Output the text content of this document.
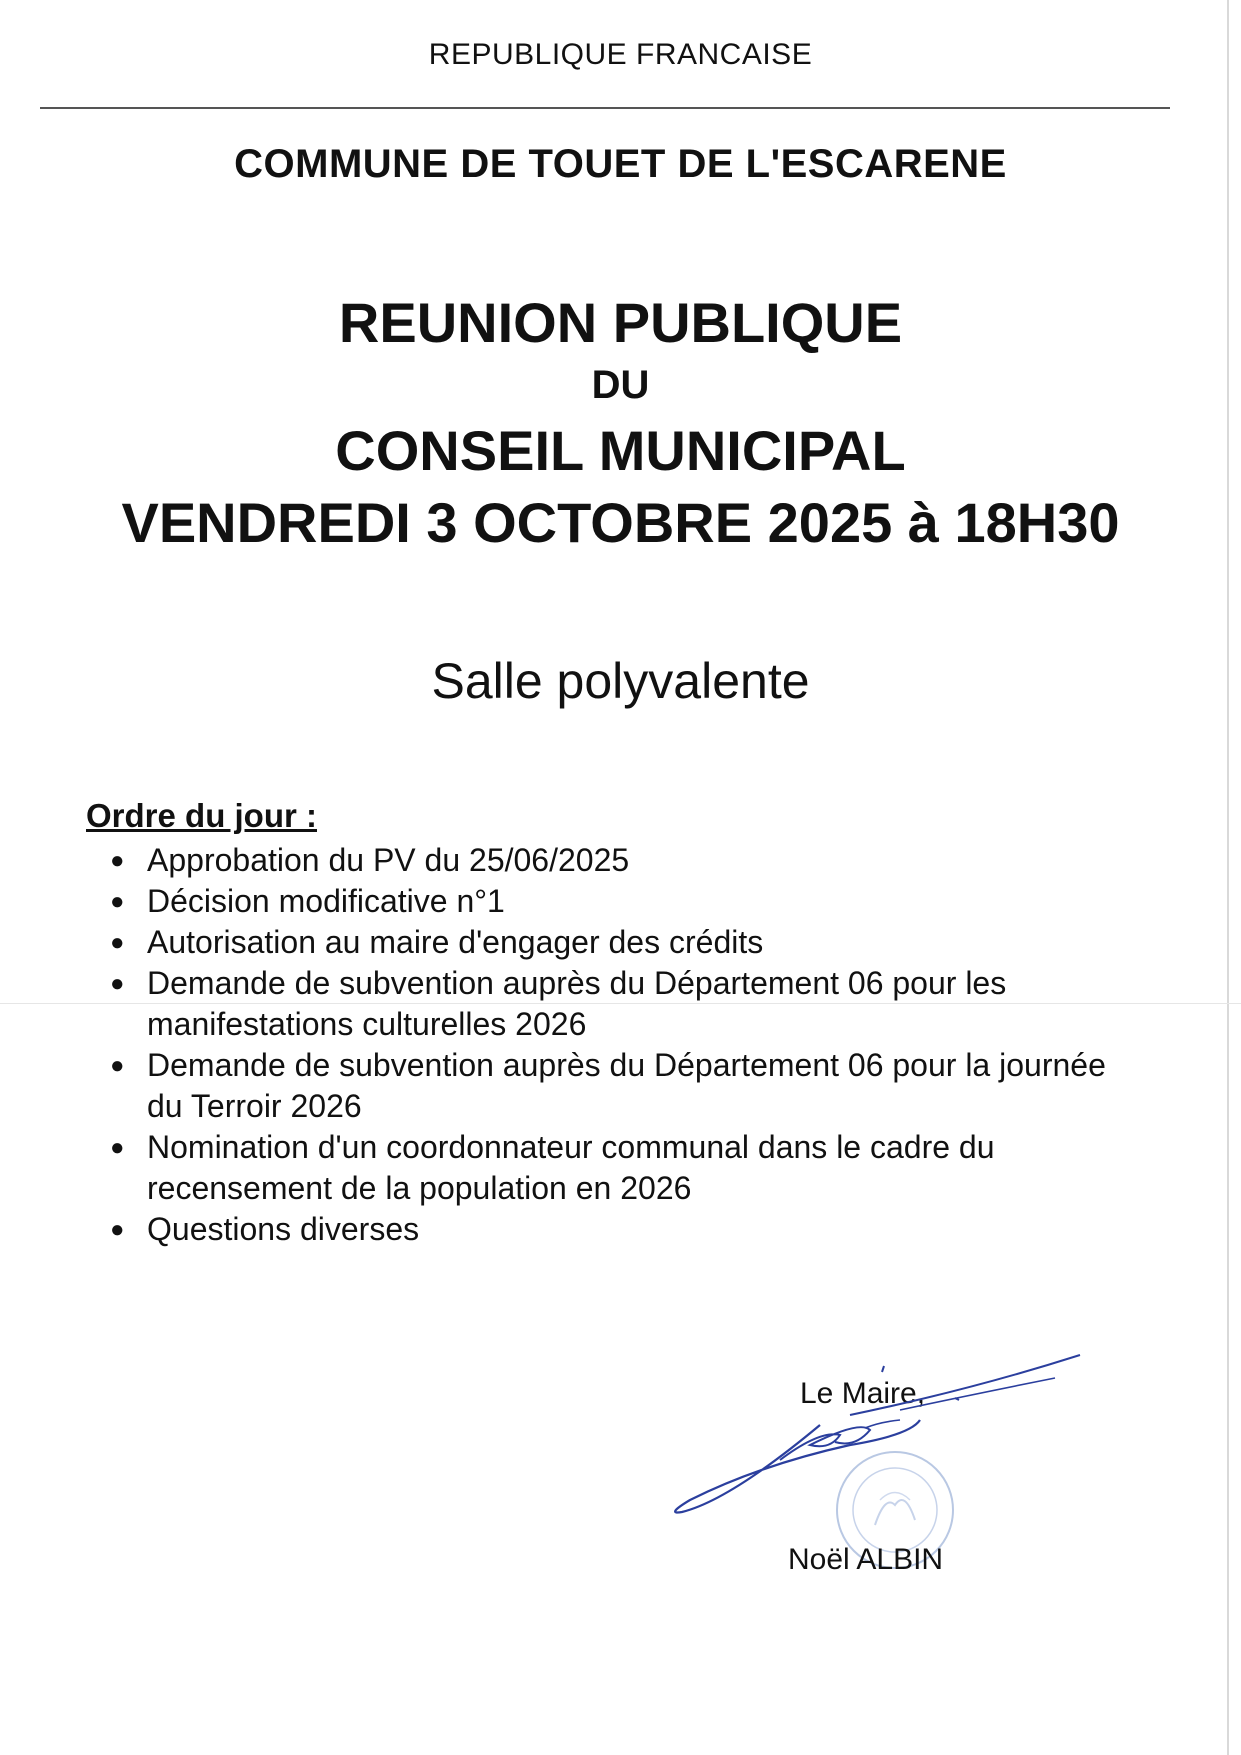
REPUBLIQUE FRANCAISE
COMMUNE DE TOUET DE L'ESCARENE
REUNION PUBLIQUE
DU
CONSEIL MUNICIPAL
VENDREDI 3 OCTOBRE 2025 à 18H30
Salle polyvalente
Ordre du jour :
● Approbation du PV du 25/06/2025
● Décision modificative n°1
● Autorisation au maire d'engager des crédits
● Demande de subvention auprès du Département 06 pour les manifestations culturelles 2026
● Demande de subvention auprès du Département 06 pour la journée du Terroir 2026
● Nomination d'un coordonnateur communal dans le cadre du recensement de la population en 2026
● Questions diverses
Le Maire,
Noël ALBIN
